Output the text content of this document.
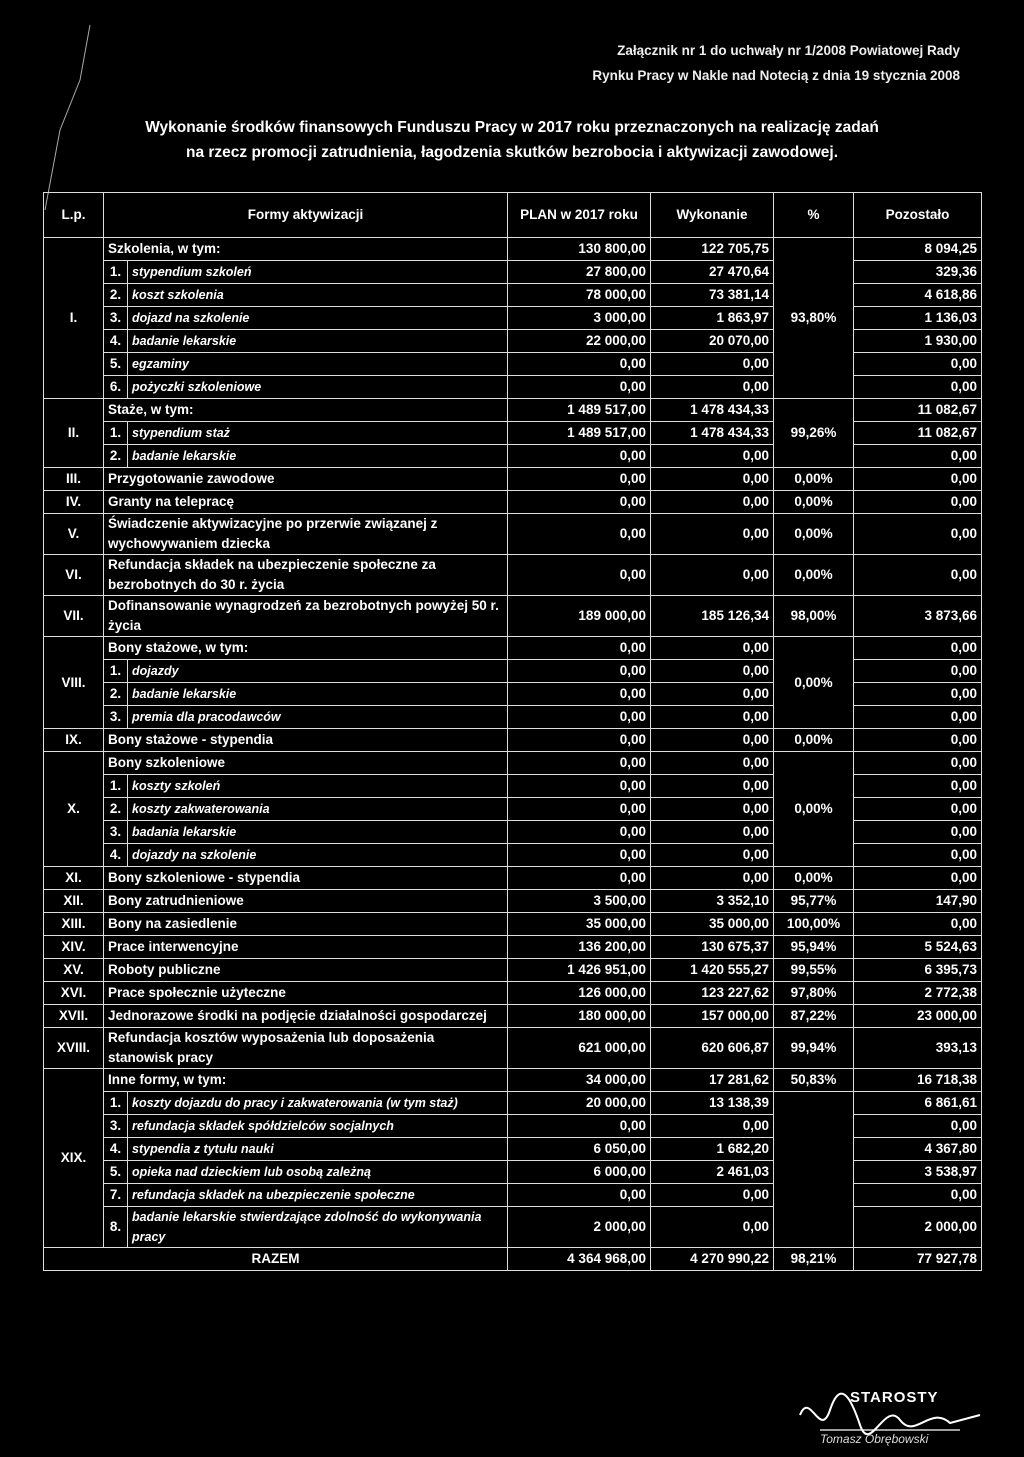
Załącznik nr 1 do uchwały nr 1/2008 Powiatowej Rady
Rynku Pracy w Nakle nad Notecią z dnia 19 stycznia 2008
Wykonanie środków finansowych Funduszu Pracy w 2017 roku przeznaczonych na realizację zadań
na rzecz promocji zatrudnienia, łagodzenia skutków bezrobocia i aktywizacji zawodowej.
L.p.	Formy aktywizacji		PLAN w 2017 roku	Wykonanie	%	Pozostało
I.	Szkolenia, w tym:		130 800,00	122 705,75	93,80%	8 094,25
	1.	stypendium szkoleń	27 800,00	27 470,64		329,36
	2.	koszt szkolenia	78 000,00	73 381,14		4 618,86
	3.	dojazd na szkolenie	3 000,00	1 863,97		1 136,03
	4.	badanie lekarskie	22 000,00	20 070,00		1 930,00
	5.	egzaminy	0,00	0,00		0,00
	6.	pożyczki szkoleniowe	0,00	0,00		0,00
II.	Staże, w tym:		1 489 517,00	1 478 434,33	99,26%	11 082,67
	1.	stypendium staż	1 489 517,00	1 478 434,33		11 082,67
	2.	badanie lekarskie	0,00	0,00		0,00
III.	Przygotowanie zawodowe		0,00	0,00	0,00%	0,00
IV.	Granty na telepracę		0,00	0,00	0,00%	0,00
V.	Świadczenie aktywizacyjne po przerwie związanej z wychowywaniem dziecka		0,00	0,00	0,00%	0,00
VI.	Refundacja składek na ubezpieczenie społeczne za bezrobotnych do 30 r. życia		0,00	0,00	0,00%	0,00
VII.	Dofinansowanie wynagrodzeń za bezrobotnych powyżej 50 r. życia		189 000,00	185 126,34	98,00%	3 873,66
VIII.	Bony stażowe, w tym:		0,00	0,00	0,00%	0,00
	1.	dojazdy	0,00	0,00		0,00
	2.	badanie lekarskie	0,00	0,00		0,00
	3.	premia dla pracodawców	0,00	0,00		0,00
IX.	Bony stażowe - stypendia		0,00	0,00	0,00%	0,00
X.	Bony szkoleniowe		0,00	0,00	0,00%	0,00
	1.	koszty szkoleń	0,00	0,00		0,00
	2.	koszty zakwaterowania	0,00	0,00		0,00
	3.	badania lekarskie	0,00	0,00		0,00
	4.	dojazdy na szkolenie	0,00	0,00		0,00
XI.	Bony szkoleniowe - stypendia		0,00	0,00	0,00%	0,00
XII.	Bony zatrudnieniowe		3 500,00	3 352,10	95,77%	147,90
XIII.	Bony na zasiedlenie		35 000,00	35 000,00	100,00%	0,00
XIV.	Prace interwencyjne		136 200,00	130 675,37	95,94%	5 524,63
XV.	Roboty publiczne		1 426 951,00	1 420 555,27	99,55%	6 395,73
XVI.	Prace społecznie użyteczne		126 000,00	123 227,62	97,80%	2 772,38
XVII.	Jednorazowe środki na podjęcie działalności gospodarczej		180 000,00	157 000,00	87,22%	23 000,00
XVIII.	Refundacja kosztów wyposażenia lub doposażenia stanowisk pracy		621 000,00	620 606,87	99,94%	393,13
XIX.	Inne formy, w tym:		34 000,00	17 281,62	50,83%	16 718,38
	1.	koszty dojazdu do pracy i zakwaterowania (w tym staż)	20 000,00	13 138,39		6 861,61
	3.	refundacja składek spółdzielców socjalnych	0,00	0,00		0,00
	4.	stypendia z tytułu nauki	6 050,00	1 682,20		4 367,80
	5.	opieka nad dzieckiem lub osobą zależną	6 000,00	2 461,03		3 538,97
	7.	refundacja składek na ubezpieczenie społeczne	0,00	0,00		0,00
	8.	badanie lekarskie stwierdzające zdolność do wykonywania pracy	2 000,00	0,00		2 000,00
RAZEM			4 364 968,00	4 270 990,22	98,21%	77 927,78
STAROSTY
Tomasz Obrębowski
